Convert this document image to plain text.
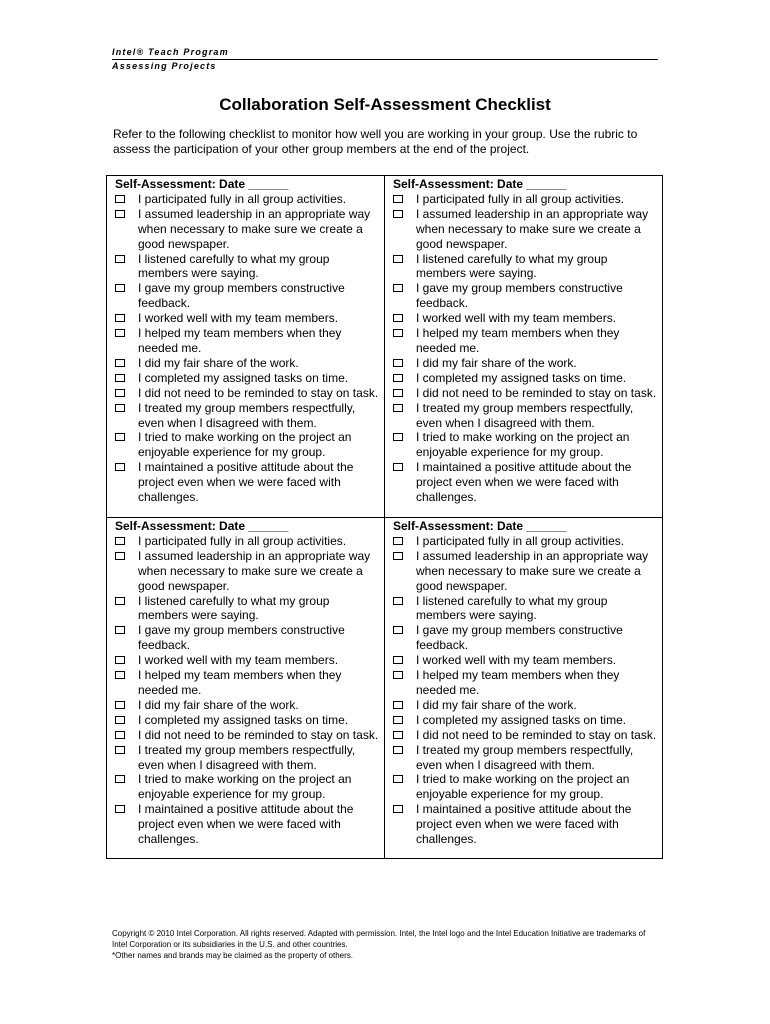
Intel® Teach Program
Assessing Projects
Collaboration Self-Assessment Checklist
Refer to the following checklist to monitor how well you are working in your group. Use the rubric to assess the participation of your other group members at the end of the project.
Self-Assessment: Date ______
I participated fully in all group activities.
I assumed leadership in an appropriate way when necessary to make sure we create a good newspaper.
I listened carefully to what my group members were saying.
I gave my group members constructive feedback.
I worked well with my team members.
I helped my team members when they needed me.
I did my fair share of the work.
I completed my assigned tasks on time.
I did not need to be reminded to stay on task.
I treated my group members respectfully, even when I disagreed with them.
I tried to make working on the project an enjoyable experience for my group.
I maintained a positive attitude about the project even when we were faced with challenges.
Self-Assessment: Date ______
I participated fully in all group activities.
I assumed leadership in an appropriate way when necessary to make sure we create a good newspaper.
I listened carefully to what my group members were saying.
I gave my group members constructive feedback.
I worked well with my team members.
I helped my team members when they needed me.
I did my fair share of the work.
I completed my assigned tasks on time.
I did not need to be reminded to stay on task.
I treated my group members respectfully, even when I disagreed with them.
I tried to make working on the project an enjoyable experience for my group.
I maintained a positive attitude about the project even when we were faced with challenges.
Self-Assessment: Date ______
I participated fully in all group activities.
I assumed leadership in an appropriate way when necessary to make sure we create a good newspaper.
I listened carefully to what my group members were saying.
I gave my group members constructive feedback.
I worked well with my team members.
I helped my team members when they needed me.
I did my fair share of the work.
I completed my assigned tasks on time.
I did not need to be reminded to stay on task.
I treated my group members respectfully, even when I disagreed with them.
I tried to make working on the project an enjoyable experience for my group.
I maintained a positive attitude about the project even when we were faced with challenges.
Self-Assessment: Date ______
I participated fully in all group activities.
I assumed leadership in an appropriate way when necessary to make sure we create a good newspaper.
I listened carefully to what my group members were saying.
I gave my group members constructive feedback.
I worked well with my team members.
I helped my team members when they needed me.
I did my fair share of the work.
I completed my assigned tasks on time.
I did not need to be reminded to stay on task.
I treated my group members respectfully, even when I disagreed with them.
I tried to make working on the project an enjoyable experience for my group.
I maintained a positive attitude about the project even when we were faced with challenges.
Copyright © 2010 Intel Corporation. All rights reserved. Adapted with permission. Intel, the Intel logo and the Intel Education Initiative are trademarks of Intel Corporation or its subsidiaries in the U.S. and other countries.
*Other names and brands may be claimed as the property of others.
